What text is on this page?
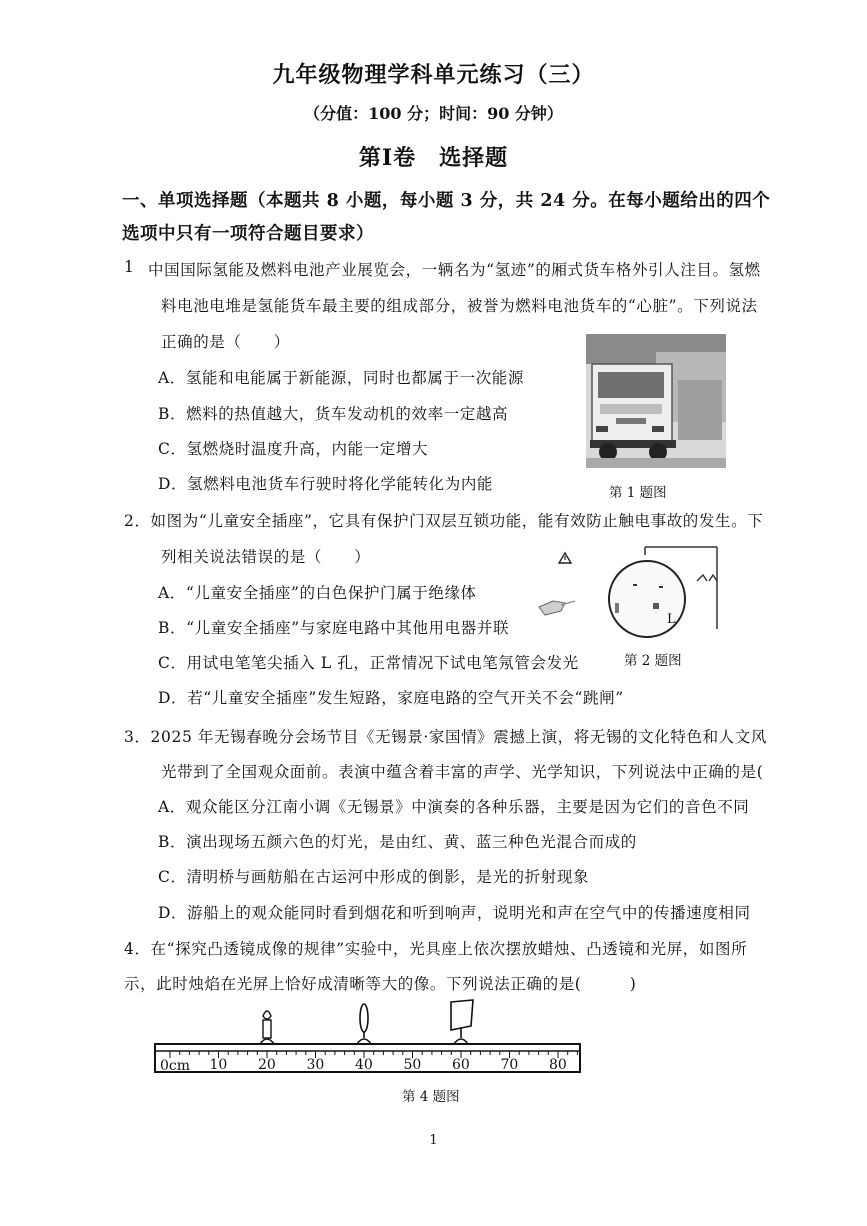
九年级物理学科单元练习（三）
（分值：100 分；时间：90 分钟）
第Ⅰ卷　选择题
一、单项选择题（本题共 8 小题，每小题 3 分，共 24 分。在每小题给出的四个
选项中只有一项符合题目要求）
1 中国国际氢能及燃料电池产业展览会，一辆名为“氢迹”的厢式货车格外引人注目。氢燃
料电池电堆是氢能货车最主要的组成部分，被誉为燃料电池货车的“心脏”。下列说法
正确的是（　　）
A．氢能和电能属于新能源，同时也都属于一次能源
B．燃料的热值越大，货车发动机的效率一定越高
C．氢燃烧时温度升高，内能一定增大
D．氢燃料电池货车行驶时将化学能转化为内能	第 1 题图
2．如图为“儿童安全插座”，它具有保护门双层互锁功能，能有效防止触电事故的发生。下
列相关说法错误的是（　　）
A．“儿童安全插座”的白色保护门属于绝缘体
B．“儿童安全插座”与家庭电路中其他用电器并联
C．用试电笔笔尖插入 L 孔，正常情况下试电笔氖管会发光
D．若“儿童安全插座”发生短路，家庭电路的空气开关不会“跳闸”
L
第 2 题图
3．2025 年无锡春晚分会场节目《无锡景·家国情》震撼上演，将无锡的文化特色和人文风
光带到了全国观众面前。表演中蕴含着丰富的声学、光学知识，下列说法中正确的是(
A．观众能区分江南小调《无锡景》中演奏的各种乐器，主要是因为它们的音色不同
B．演出现场五颜六色的灯光，是由红、黄、蓝三种色光混合而成的
C．清明桥与画舫船在古运河中形成的倒影，是光的折射现象
D．游船上的观众能同时看到烟花和听到响声，说明光和声在空气中的传播速度相同
4．在“探究凸透镜成像的规律”实验中，光具座上依次摆放蜡烛、凸透镜和光屏，如图所
示，此时烛焰在光屏上恰好成清晰等大的像。下列说法正确的是(　　　)
10 20 30 40 50 60 70 80
0cm
第 4 题图
1
